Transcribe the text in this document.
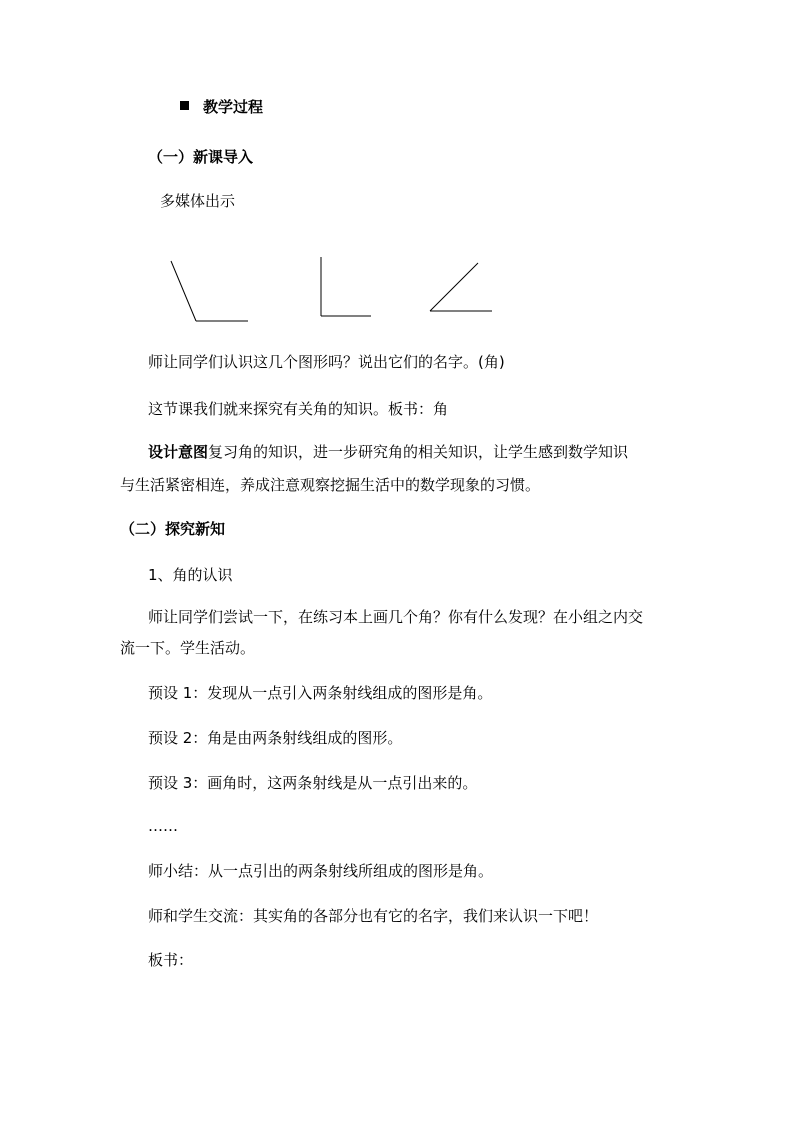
教学过程
（一）新课导入
多媒体出示
师让同学们认识这几个图形吗？说出它们的名字。(角)
这节课我们就来探究有关角的知识。板书：角
设计意图复习角的知识，进一步研究角的相关知识，让学生感到数学知识
与生活紧密相连，养成注意观察挖掘生活中的数学现象的习惯。
（二）探究新知
1、角的认识
师让同学们尝试一下，在练习本上画几个角？你有什么发现？在小组之内交
流一下。学生活动。
预设 1：发现从一点引入两条射线组成的图形是角。
预设 2：角是由两条射线组成的图形。
预设 3：画角时，这两条射线是从一点引出来的。
……
师小结：从一点引出的两条射线所组成的图形是角。
师和学生交流：其实角的各部分也有它的名字，我们来认识一下吧！
板书：
